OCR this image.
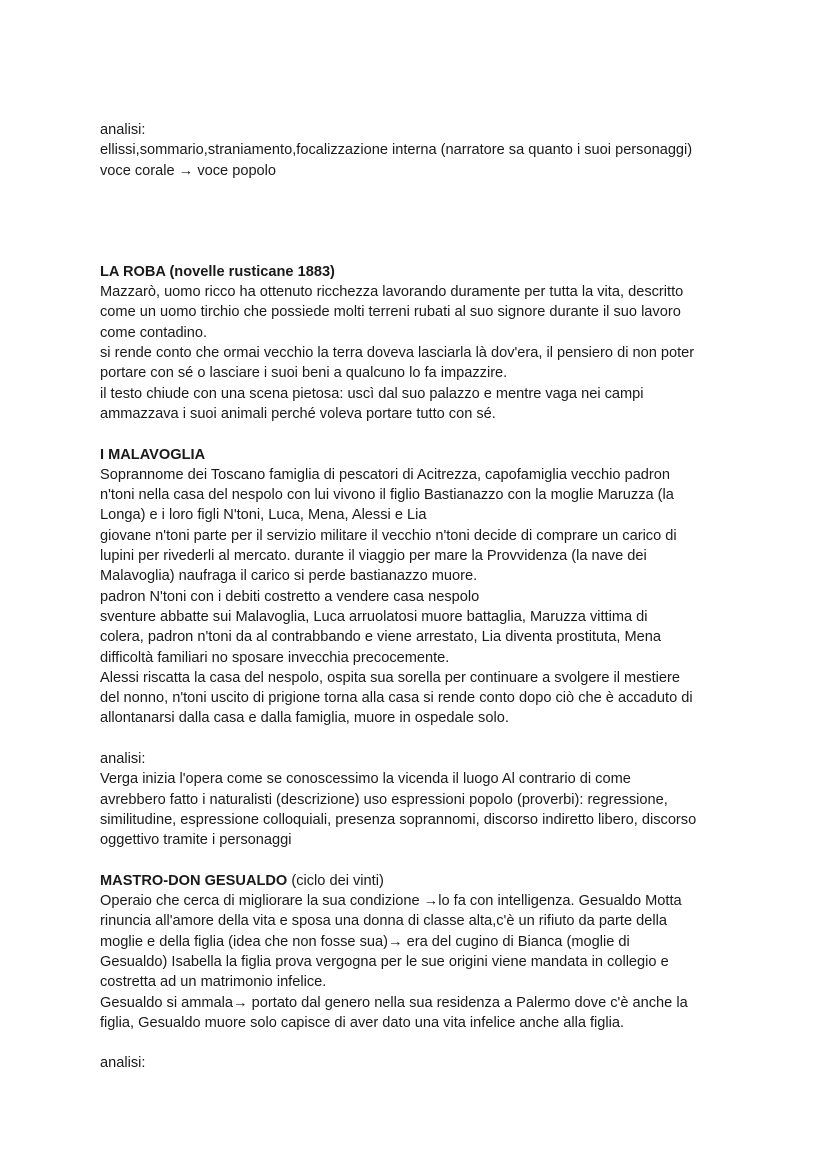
analisi:
ellissi,sommario,straniamento,focalizzazione interna (narratore sa quanto i suoi personaggi)
voce corale → voce popolo
LA ROBA (novelle rusticane 1883)
Mazzarò, uomo ricco ha ottenuto ricchezza lavorando duramente per tutta la vita, descritto
come un uomo tirchio che possiede molti terreni rubati al suo signore durante il suo lavoro
come contadino.
si rende conto che ormai vecchio la terra doveva lasciarla là dov'era, il pensiero di non poter
portare con sé o lasciare i suoi beni a qualcuno lo fa impazzire.
il testo chiude con una scena pietosa: uscì dal suo palazzo e mentre vaga nei campi
ammazzava i suoi animali perché voleva portare tutto con sé.
I MALAVOGLIA
Soprannome dei Toscano famiglia di pescatori di Acitrezza, capofamiglia vecchio padron
n'toni nella casa del nespolo con lui vivono il figlio Bastianazzo con la moglie Maruzza (la
Longa) e i loro figli N'toni, Luca, Mena, Alessi e Lia
giovane n'toni parte per il servizio militare il vecchio n'toni decide di comprare un carico di
lupini per rivederli al mercato. durante il viaggio per mare la Provvidenza (la nave dei
Malavoglia) naufraga il carico si perde bastianazzo muore.
padron N'toni con i debiti costretto a vendere casa nespolo
sventure abbatte sui Malavoglia, Luca arruolatosi muore battaglia, Maruzza vittima di
colera, padron n'toni da al contrabbando e viene arrestato, Lia diventa prostituta, Mena
difficoltà familiari no sposare invecchia precocemente.
Alessi riscatta la casa del nespolo, ospita sua sorella per continuare a svolgere il mestiere
del nonno, n'toni uscito di prigione torna alla casa si rende conto dopo ciò che è accaduto di
allontanarsi dalla casa e dalla famiglia, muore in ospedale solo.
analisi:
Verga inizia l'opera come se conoscessimo la vicenda il luogo Al contrario di come
avrebbero fatto i naturalisti (descrizione) uso espressioni popolo (proverbi): regressione,
similitudine, espressione colloquiali, presenza soprannomi, discorso indiretto libero, discorso
oggettivo tramite i personaggi
MASTRO-DON GESUALDO (ciclo dei vinti)
Operaio che cerca di migliorare la sua condizione →lo fa con intelligenza. Gesualdo Motta
rinuncia all'amore della vita e sposa una donna di classe alta,c'è un rifiuto da parte della
moglie e della figlia (idea che non fosse sua)→ era del cugino di Bianca (moglie di
Gesualdo) Isabella la figlia prova vergogna per le sue origini viene mandata in collegio e
costretta ad un matrimonio infelice.
Gesualdo si ammala→ portato dal genero nella sua residenza a Palermo dove c'è anche la
figlia, Gesualdo muore solo capisce di aver dato una vita infelice anche alla figlia.
analisi:
